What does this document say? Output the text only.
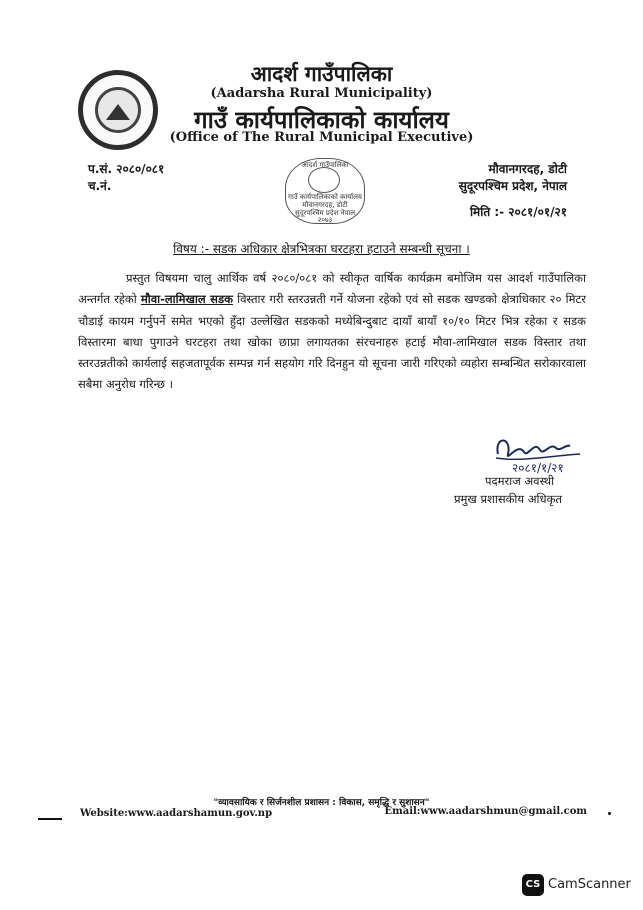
आदर्श गाउँपालिका
(Aadarsha Rural Municipality)
गाउँ कार्यपालिकाको कार्यालय
(Office of The Rural Municipal Executive)
प.सं. २०८०/०८१
च.नं.
मौवानगरदह, डोटी
सुदूरपश्चिम प्रदेश, नेपाल
आदर्श गाउँपालिका
गाउँ कार्यपालिकाको कार्यालय
मौवानगरदह, डोटी
सुदूरपश्चिम प्रदेश नेपाल
२०७३
मिति :- २०८१/०१/२१
विषय :- सडक अधिकार क्षेत्रभित्रका घरटहरा हटाउने सम्बन्धी सूचना ।

प्रस्तुत विषयमा चालु आर्थिक वर्ष २०८०/०८१ को स्वीकृत वार्षिक कार्यक्रम बमोजिम यस आदर्श गाउँपालिका अन्तर्गत रहेको मौवा-लामिखाल सडक विस्तार गरी स्तरउन्नती गर्ने योजना रहेको एवं सो सडक खण्डको क्षेत्राधिकार २० मिटर चौडाई कायम गर्नुपर्ने समेत भएको हुँदा उल्लेखित सडकको मध्येबिन्दुबाट दायाँ बायाँ १०/१० मिटर भित्र रहेका र सडक विस्तारमा बाधा पुगाउने घरटहरा तथा खोका छाप्रा लगायतका संरचनाहरु हटाई मौवा-लामिखाल सडक विस्तार तथा स्तरउन्नतीको कार्यलाई सहजतापूर्वक सम्पन्न गर्न सहयोग गरि दिनहुन यो सूचना जारी गरिएको व्यहोरा सम्बन्धित सरोकारवाला सबैमा अनुरोध गरिन्छ ।

२०८१/१/२१
पदमराज अवस्थी
प्रमुख प्रशासकीय अधिकृत
"व्यावसायिक र सिर्जनशील प्रशासन : विकास, समृद्धि र सुशासन"
Website:www.aadarshamun.gov.np	Email:www.aadarshmun@gmail.com
CS CamScanner
